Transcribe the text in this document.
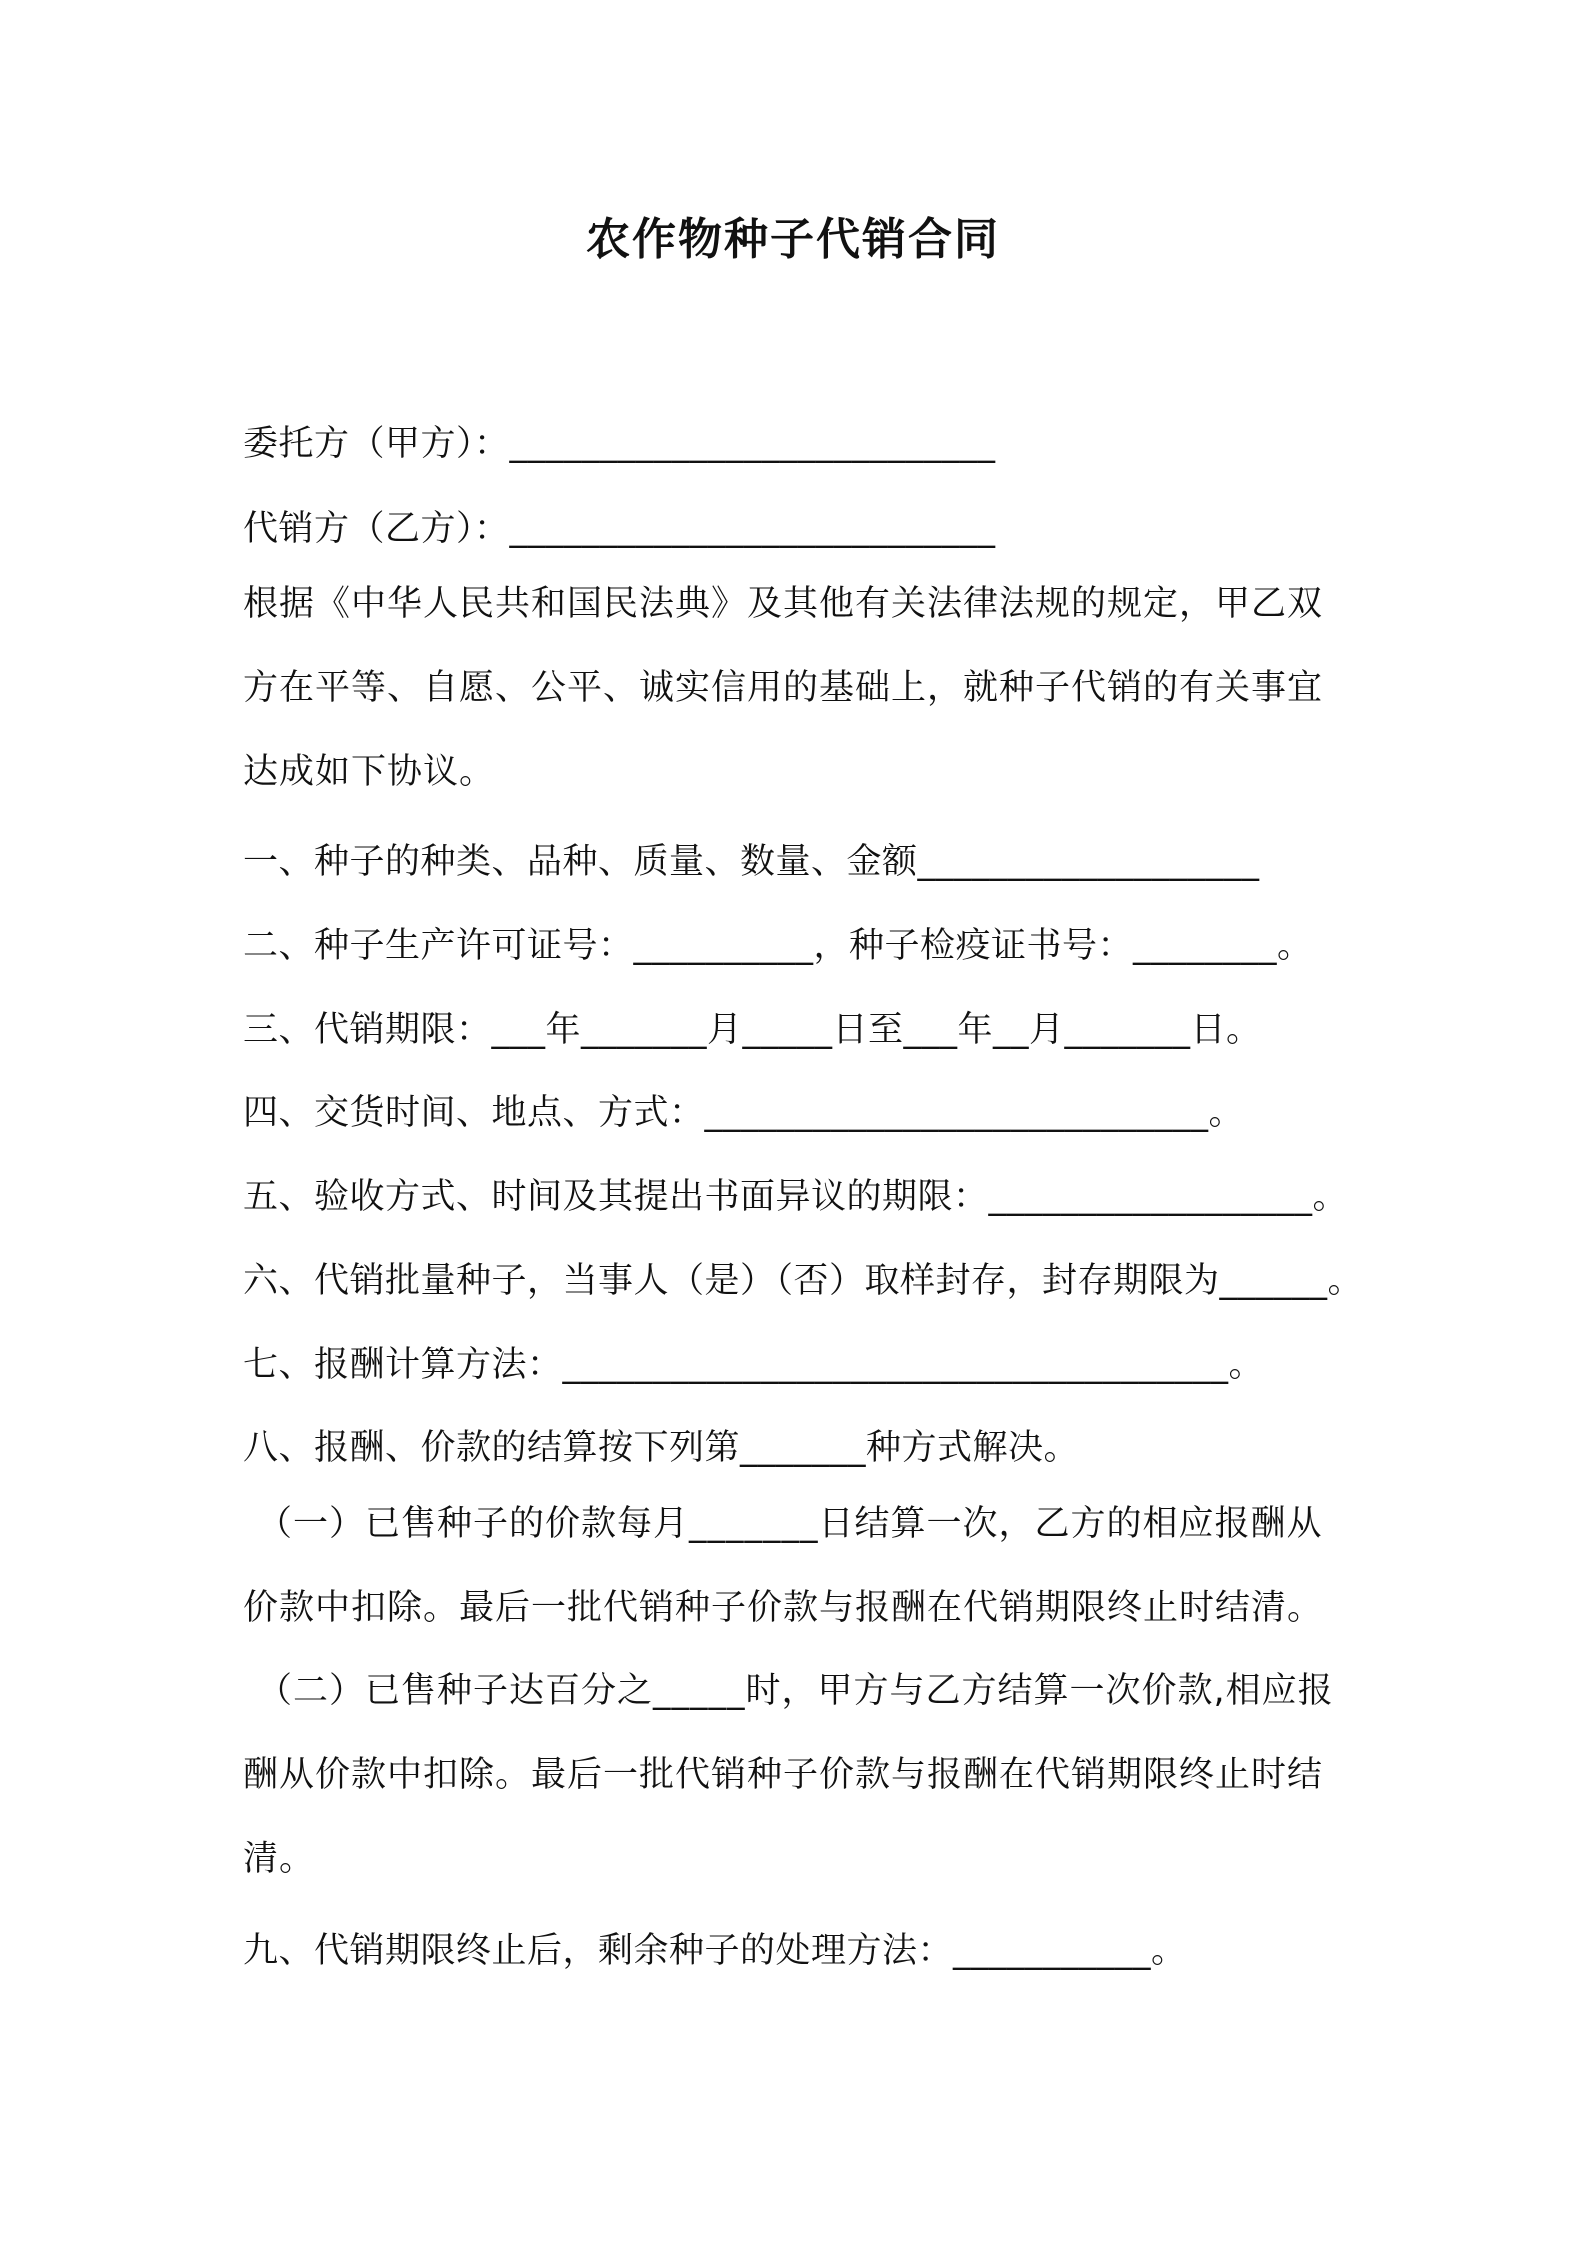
农作物种子代销合同
委托方（甲方）：___________________________
代销方（乙方）：___________________________
根据《中华人民共和国民法典》及其他有关法律法规的规定，甲乙双方在平等、自愿、公平、诚实信用的基础上，就种子代销的有关事宜达成如下协议。
一、种子的种类、品种、质量、数量、金额___________________
二、种子生产许可证号：__________，种子检疫证书号：________。
三、代销期限：___年_______月_____日至___年__月_______日。
四、交货时间、地点、方式：____________________________。
五、验收方式、时间及其提出书面异议的期限：__________________。
六、代销批量种子，当事人（是）（否）取样封存，封存期限为______。
七、报酬计算方法：_____________________________________。
八、报酬、价款的结算按下列第_______种方式解决。
（一）已售种子的价款每月_______日结算一次，乙方的相应报酬从价款中扣除。最后一批代销种子价款与报酬在代销期限终止时结清。
（二）已售种子达百分之_____时，甲方与乙方结算一次价款,相应报酬从价款中扣除。最后一批代销种子价款与报酬在代销期限终止时结清。
九、代销期限终止后，剩余种子的处理方法：___________。
